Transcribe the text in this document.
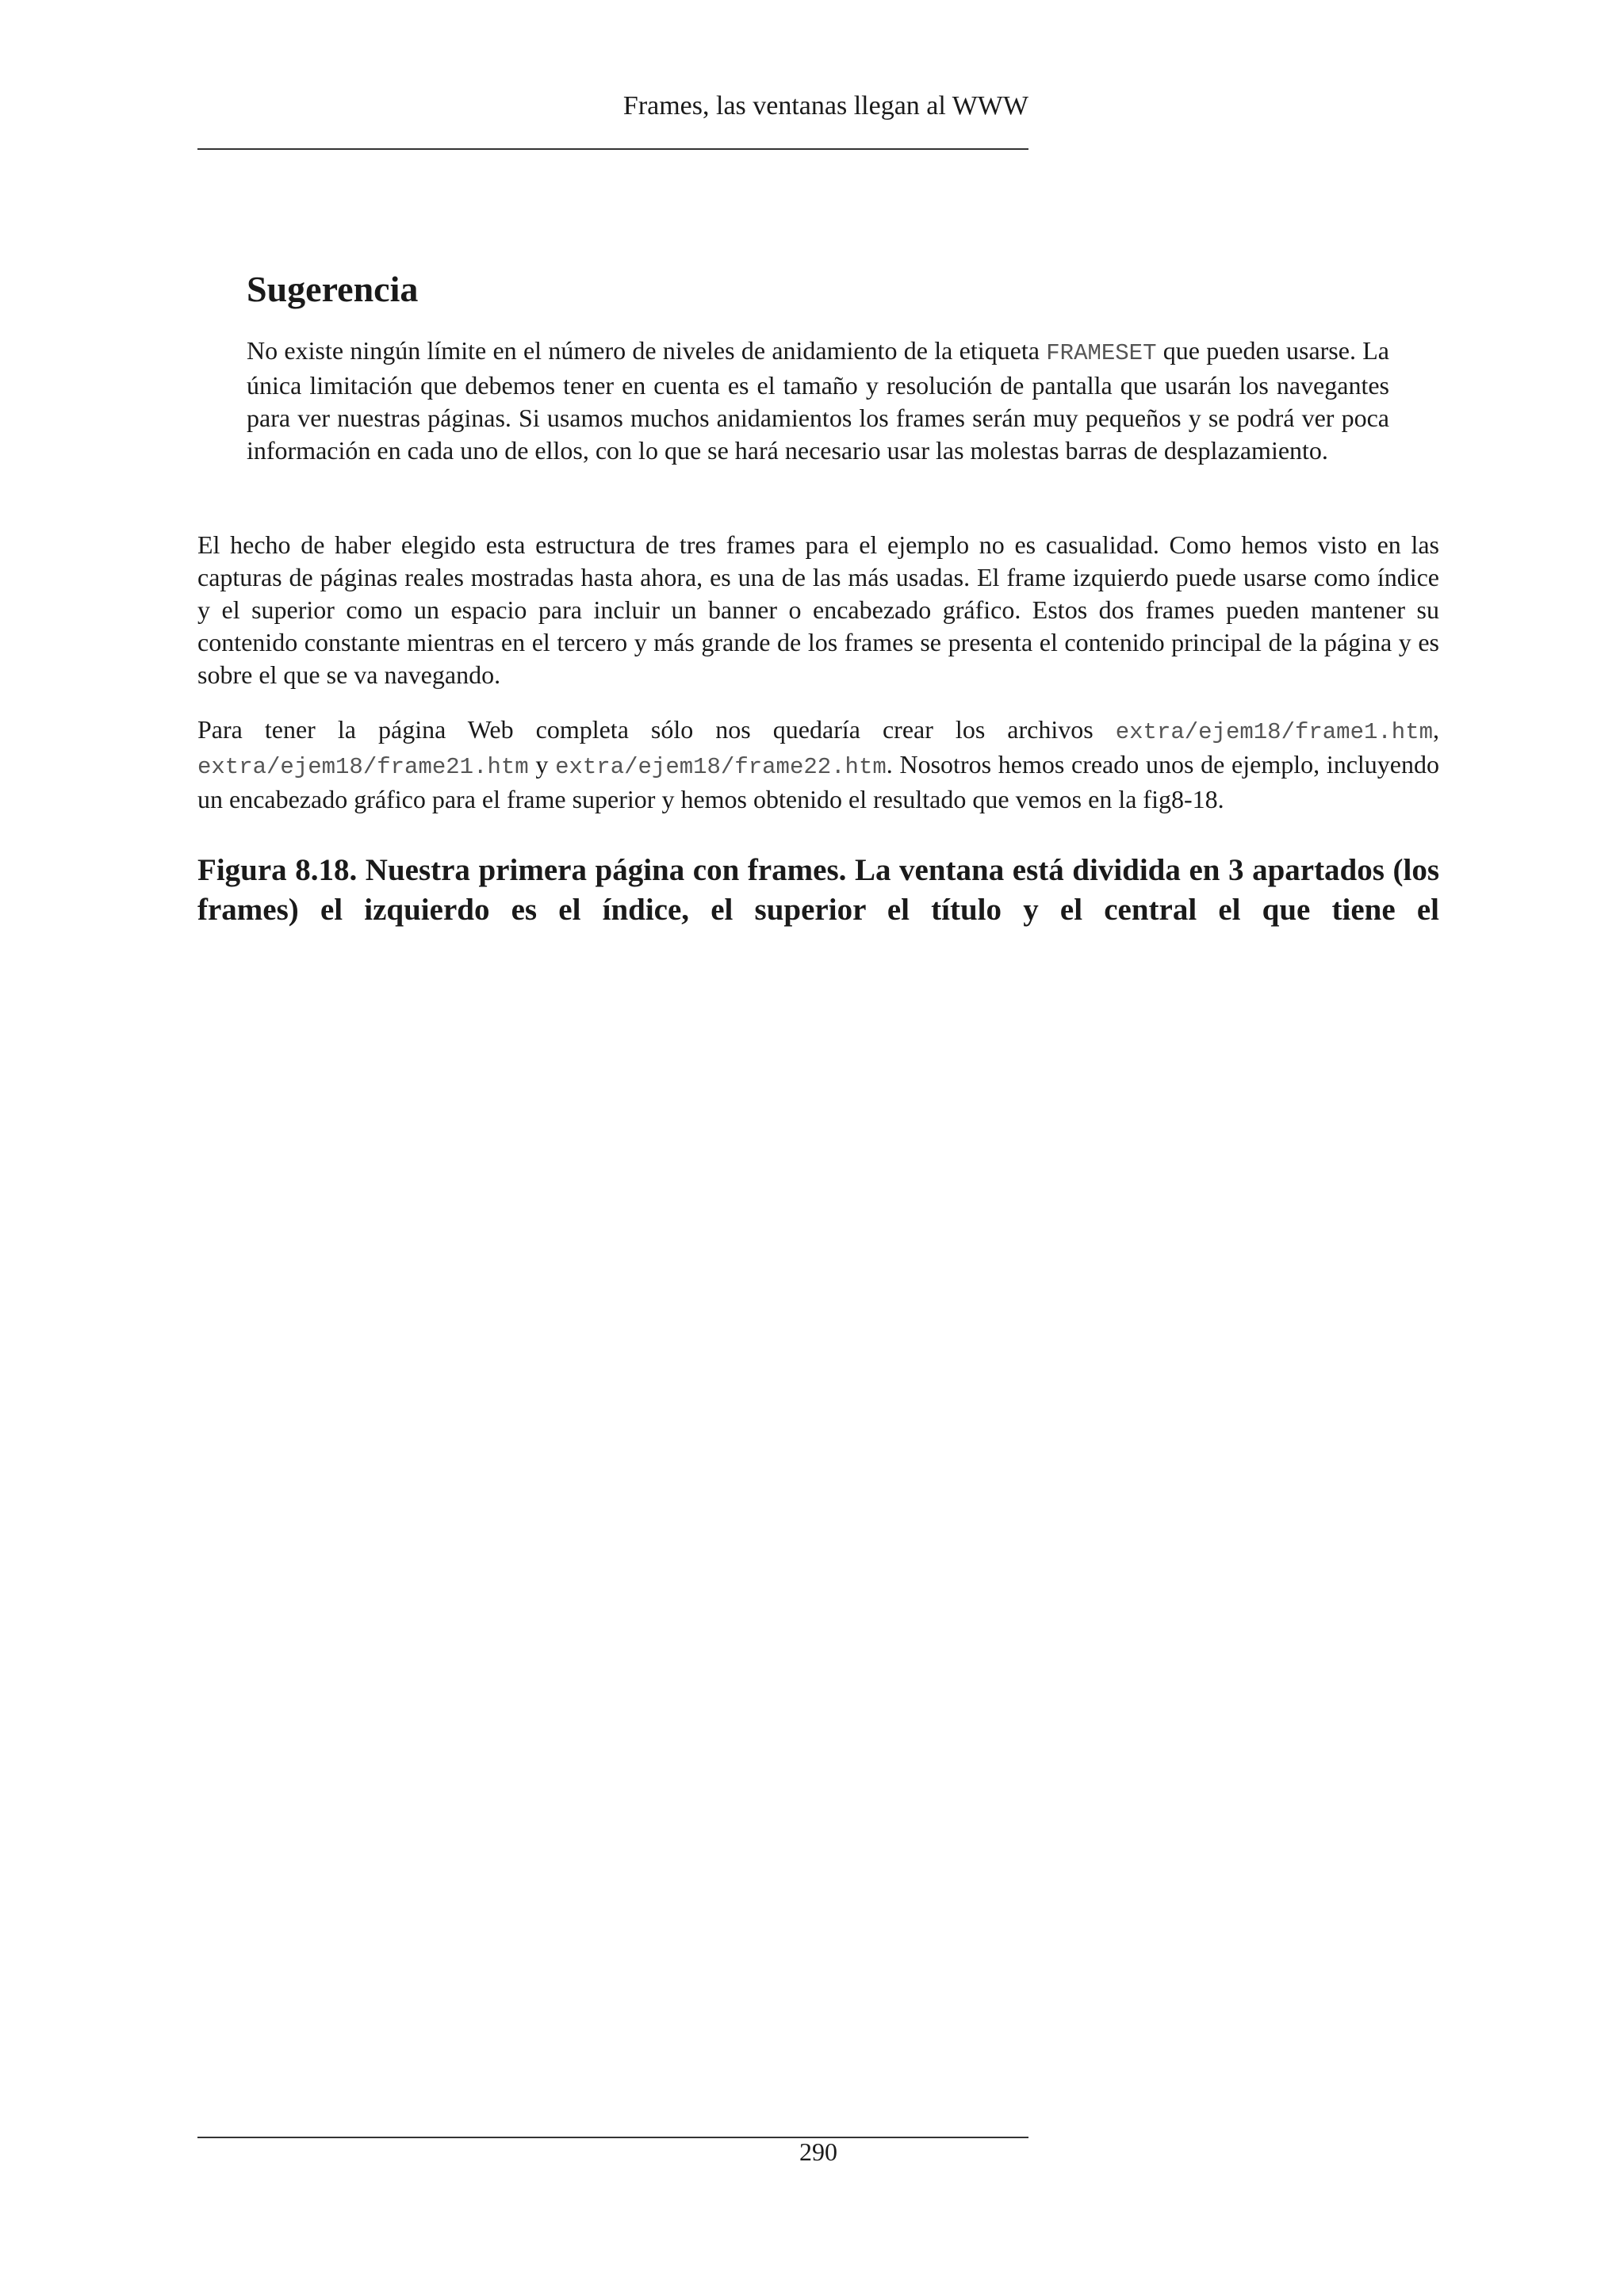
Frames, las ventanas llegan al WWW
Sugerencia

No existe ningún límite en el número de niveles de anidamiento de la etiqueta FRAMESET que pueden usarse. La única limitación que debemos tener en cuenta es el tamaño y resolución de pantalla que usarán los navegantes para ver nuestras páginas. Si usamos muchos anidamientos los frames serán muy pequeños y se podrá ver poca información en cada uno de ellos, con lo que se hará necesario usar las molestas barras de desplazamiento.

El hecho de haber elegido esta estructura de tres frames para el ejemplo no es casualidad. Como hemos visto en las capturas de páginas reales mostradas hasta ahora, es una de las más usadas. El frame izquierdo puede usarse como índice y el superior como un espacio para incluir un banner o encabezado gráfico. Estos dos frames pueden mantener su contenido constante mientras en el tercero y más grande de los frames se presenta el contenido principal de la página y es sobre el que se va navegando.

Para tener la página Web completa sólo nos quedaría crear los archivos extra/ejem18/frame1.htm, extra/ejem18/frame21.htm y extra/ejem18/frame22.htm. Nosotros hemos creado unos de ejemplo, incluyendo un encabezado gráfico para el frame superior y hemos obtenido el resultado que vemos en la fig8-18.

Figura 8.18. Nuestra primera página con frames. La ventana está dividida en 3 apartados (los frames) el izquierdo es el índice, el superior el título y el central el que tiene el

290
